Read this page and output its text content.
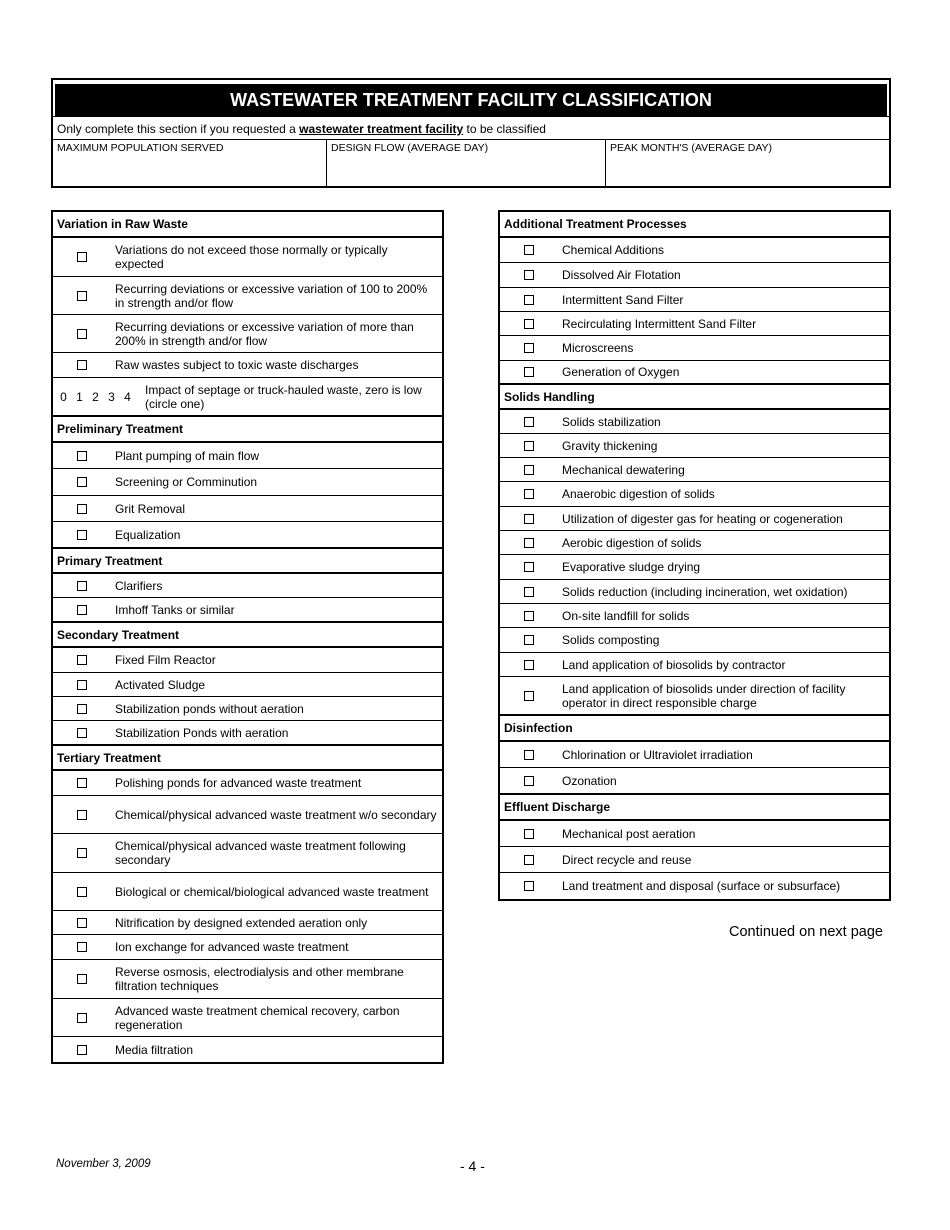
WASTEWATER TREATMENT FACILITY CLASSIFICATION
Only complete this section if you requested a wastewater treatment facility to be classified
MAXIMUM POPULATION SERVED	DESIGN FLOW (AVERAGE DAY)	PEAK MONTH'S (AVERAGE DAY)
Variation in Raw Waste
Variations do not exceed those normally or typically expected
Recurring deviations or excessive variation of 100 to 200% in strength and/or flow
Recurring deviations or excessive variation of more than 200% in strength and/or flow
Raw wastes subject to toxic waste discharges
0 1 2 3 4 Impact of septage or truck-hauled waste, zero is low (circle one)
Preliminary Treatment
Plant pumping of main flow
Screening or Comminution
Grit Removal
Equalization
Primary Treatment
Clarifiers
Imhoff Tanks or similar
Secondary Treatment
Fixed Film Reactor
Activated Sludge
Stabilization ponds without aeration
Stabilization Ponds with aeration
Tertiary Treatment
Polishing ponds for advanced waste treatment
Chemical/physical advanced waste treatment w/o secondary
Chemical/physical advanced waste treatment following secondary
Biological or chemical/biological advanced waste treatment
Nitrification by designed extended aeration only
Ion exchange for advanced waste treatment
Reverse osmosis, electrodialysis and other membrane filtration techniques
Advanced waste treatment chemical recovery, carbon regeneration
Media filtration
Additional Treatment Processes
Chemical Additions
Dissolved Air Flotation
Intermittent Sand Filter
Recirculating Intermittent Sand Filter
Microscreens
Generation of Oxygen
Solids Handling
Solids stabilization
Gravity thickening
Mechanical dewatering
Anaerobic digestion of solids
Utilization of digester gas for heating or cogeneration
Aerobic digestion of solids
Evaporative sludge drying
Solids reduction (including incineration, wet oxidation)
On-site landfill for solids
Solids composting
Land application of biosolids by contractor
Land application of biosolids under direction of facility operator in direct responsible charge
Disinfection
Chlorination or Ultraviolet irradiation
Ozonation
Effluent Discharge
Mechanical post aeration
Direct recycle and reuse
Land treatment and disposal (surface or subsurface)
Continued on next page
November 3, 2009	- 4 -
